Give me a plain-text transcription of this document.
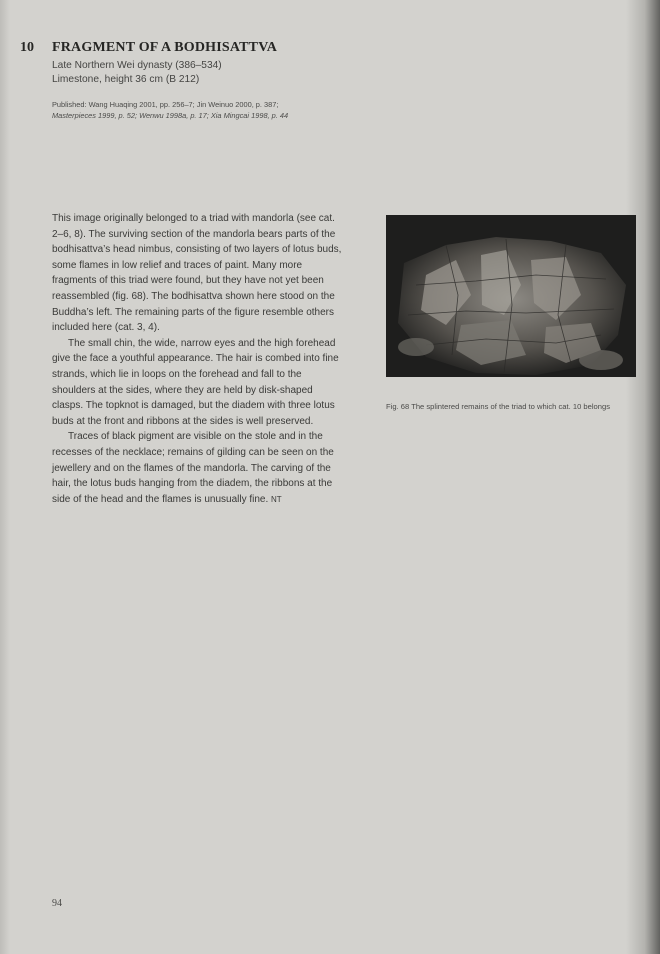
10 FRAGMENT OF A BODHISATTVA
Late Northern Wei dynasty (386–534)
Limestone, height 36 cm (B 212)
Published: Wang Huaqing 2001, pp. 256–7; Jin Weinuo 2000, p. 387;
Masterpieces 1999, p. 52; Wenwu 1998a, p. 17; Xia Mingcai 1998, p. 44

This image originally belonged to a triad with mandorla (see cat. 2–6, 8). The surviving section of the mandorla bears parts of the bodhisattva’s head nimbus, consisting of two layers of lotus buds, some flames in low relief and traces of paint. Many more fragments of this triad were found, but they have not yet been reassembled (fig. 68). The bodhisattva shown here stood on the Buddha’s left. The remaining parts of the figure resemble others included here (cat. 3, 4).

The small chin, the wide, narrow eyes and the high forehead give the face a youthful appearance. The hair is combed into fine strands, which lie in loops on the forehead and fall to the shoulders at the sides, where they are held by disk-shaped clasps. The topknot is damaged, but the diadem with three lotus buds at the front and ribbons at the sides is well preserved.

Traces of black pigment are visible on the stole and in the recesses of the necklace; remains of gilding can be seen on the jewellery and on the flames of the mandorla. The carving of the hair, the lotus buds hanging from the diadem, the ribbons at the side of the head and the flames is unusually fine. NT

Fig. 68 The splintered remains of the triad to which cat. 10 belongs
94
